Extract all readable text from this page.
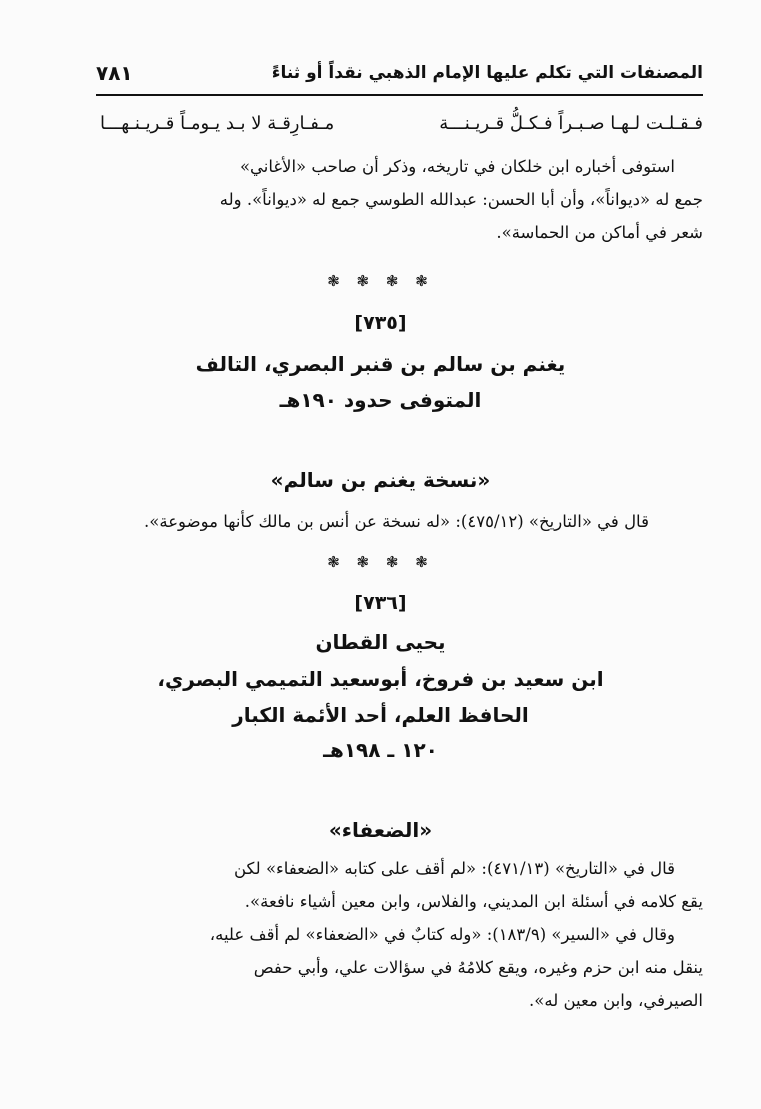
المصنفات التي تكلم عليها الإمام الذهبي نقداً أو ثناءً
٧٨١
فـقـلـت لـهـا صـبـراً فـكـلُّ قـريـنـــة
مـفـارِقـة لا بـد يـومـاً قـريـنـهـــا
استوفى أخباره ابن خلكان في تاريخه، وذكر أن صاحب «الأغاني»
جمع له «ديواناً»، وأن أبا الحسن: عبدالله الطوسي جمع له «ديواناً». وله
شعر في أماكن من الحماسة».
❃ ❃ ❃ ❃
[٧٣٥]
يغنم بن سالم بن قنبر البصري، التالف
المتوفى حدود ١٩٠هـ
«نسخة يغنم بن سالم»
قال في «التاريخ» (٤٧٥/١٢): «له نسخة عن أنس بن مالك كأنها موضوعة».
❃ ❃ ❃ ❃
[٧٣٦]
يحيى القطان
ابن سعيد بن فروخ، أبوسعيد التميمي البصري،
الحافظ العلم، أحد الأئمة الكبار
١٢٠ ـ ١٩٨هـ
«الضعفاء»
قال في «التاريخ» (٤٧١/١٣): «لم أقف على كتابه «الضعفاء» لكن
يقع كلامه في أسئلة ابن المديني، والفلاس، وابن معين أشياء نافعة».
وقال في «السير» (١٨٣/٩): «وله كتابٌ في «الضعفاء» لم أقف عليه،
ينقل منه ابن حزم وغيره، ويقع كلامُهُ في سؤالات علي، وأبي حفص
الصيرفي، وابن معين له».
